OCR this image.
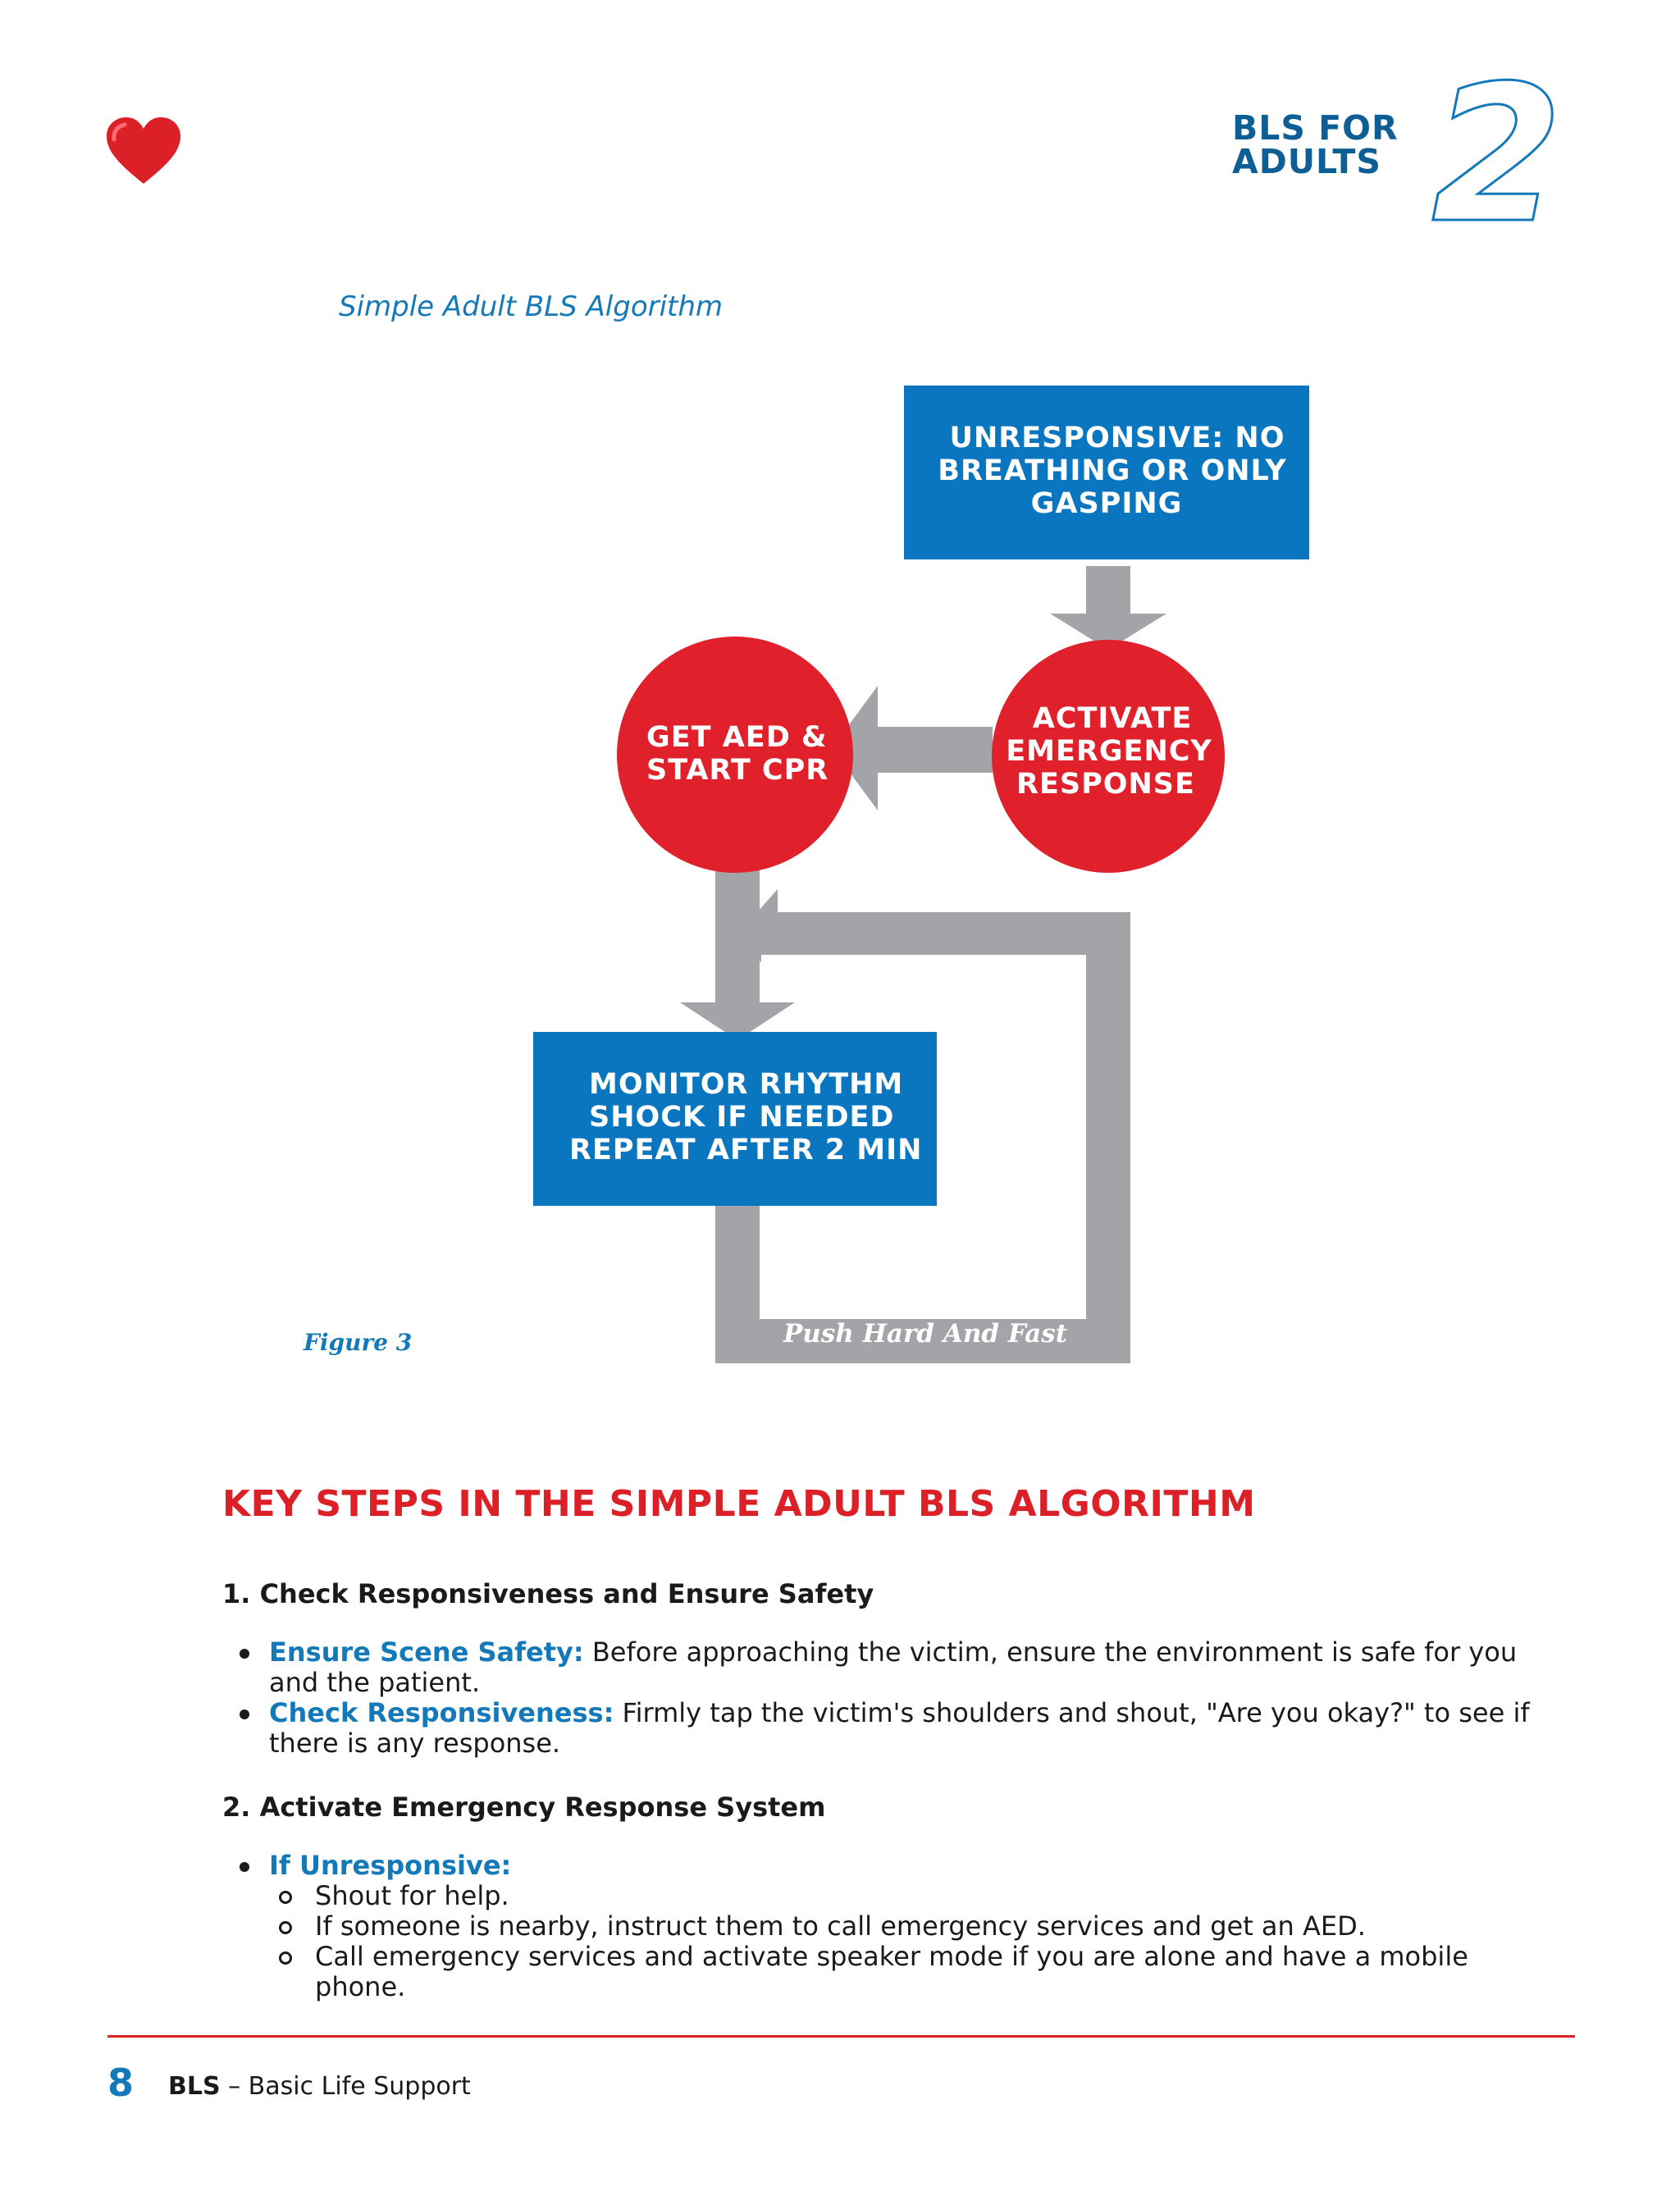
BLS FOR
ADULTS 2
Simple Adult BLS Algorithm
UNRESPONSIVE: NO
BREATHING OR ONLY
GASPING
ACTIVATE
EMERGENCY
RESPONSE
GET AED &
START CPR
MONITOR RHYTHM
SHOCK IF NEEDED
REPEAT AFTER 2 MIN
Push Hard And Fast
Figure 3
KEY STEPS IN THE SIMPLE ADULT BLS ALGORITHM
1. Check Responsiveness and Ensure Safety
Ensure Scene Safety: Before approaching the victim, ensure the environment is safe for you and the patient.
Check Responsiveness: Firmly tap the victim's shoulders and shout, "Are you okay?" to see if there is any response.
2. Activate Emergency Response System
If Unresponsive:
Shout for help.
If someone is nearby, instruct them to call emergency services and get an AED.
Call emergency services and activate speaker mode if you are alone and have a mobile phone.
8 BLS – Basic Life Support
